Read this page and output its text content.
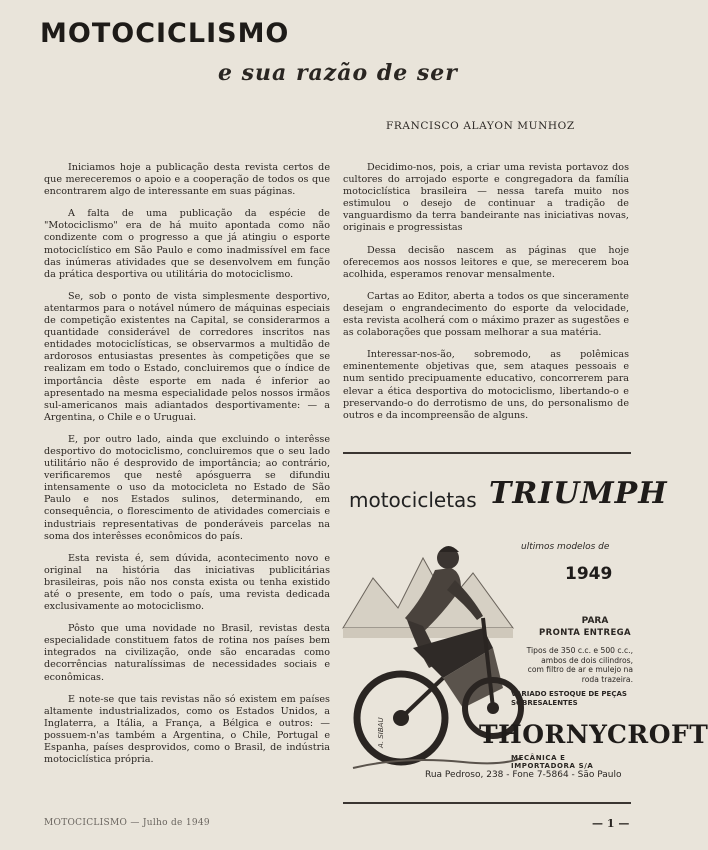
MOTOCICLISMO
e sua razão de ser
FRANCISCO ALAYON MUNHOZ

Iniciamos hoje a publicação desta revista certos de que mereceremos o apoio e a cooperação de todos os que encontrarem algo de interessante em suas páginas.

A falta de uma publicação da espécie de "Motociclismo" era de há muito apontada como não condizente com o progresso a que já atingiu o esporte motociclístico em São Paulo e como inadmissível em face das inúmeras atividades que se desenvolvem em função da prática desportiva ou utilitária do motociclismo.

Se, sob o ponto de vista simplesmente desportivo, atentarmos para o notável número de máquinas especiais de competição existentes na Capital, se considerarmos a quantidade considerável de corredores inscritos nas entidades motociclísticas, se observarmos a multidão de ardorosos entusiastas presentes às competições que se realizam em todo o Estado, concluiremos que o índice de importância dêste esporte em nada é inferior ao apresentado na mesma especialidade pelos nossos irmãos sul-americanos mais adiantados desportivamente: — a Argentina, o Chile e o Uruguai.

E, por outro lado, ainda que excluindo o interêsse desportivo do motociclismo, concluiremos que o seu lado utilitário não é desprovido de importância; ao contrário, verificaremos que nestê apósguerra se difundiu intensamente o uso da motocicleta no Estado de São Paulo e nos Estados sulinos, determinando, em consequência, o florescimento de atividades comerciais e industriais representativas de ponderáveis parcelas na soma dos interêsses econômicos do país.

Esta revista é, sem dúvida, acontecimento novo e original na história das iniciativas publicitárias brasileiras, pois não nos consta exista ou tenha existido até o presente, em todo o país, uma revista dedicada exclusivamente ao motociclismo.

Pôsto que uma novidade no Brasil, revistas desta especialidade constituem fatos de rotina nos países bem integrados na civilização, onde são encaradas como decorrências naturalíssimas de necessidades sociais e econômicas.

E note-se que tais revistas não só existem em países altamente industrializados, como os Estados Unidos, a Inglaterra, a Itália, a França, a Bélgica e outros: — possuem-n'as também a Argentina, o Chile, Portugal e Espanha, países desprovidos, como o Brasil, de indústria motociclística própria.

Decidimo-nos, pois, a criar uma revista portavoz dos cultores do arrojado esporte e congregadora da família motociclística brasileira — nessa tarefa muito nos estimulou o desejo de continuar a tradição de vanguardismo da terra bandeirante nas iniciativas novas, originais e progressistas

Dessa decisão nascem as páginas que hoje oferecemos aos nossos leitores e que, se merecerem boa acolhida, esperamos renovar mensalmente.

Cartas ao Editor, aberta a todos os que sinceramente desejam o engrandecimento do esporte da velocidade, esta revista acolherá com o máximo prazer as sugestões e as colaborações que possam melhorar a sua matéria.

Interessar-nos-ão, sobremodo, as polêmicas eminentemente objetivas que, sem ataques pessoais e num sentido precipuamente educativo, concorrerem para elevar a ética desportiva do motociclismo, libertando-o e preservando-o do derrotismo de uns, do personalismo de outros e da incompreensão de alguns.

motocicletas TRIUMPH
ultimos modelos de
1949
PARA
PRONTA ENTREGA
Tipos de 350 c.c. e 500 c.c., ambos de dois cilindros, com filtro de ar e mulejo na roda trazeira.
VARIADO ESTOQUE DE PEÇAS SOBRESALENTES
THORNYCROFT
MECÂNICA E IMPORTADORA S/A
Rua Pedroso, 238 - Fone 7-5864 - São Paulo
A. SIBAU
MOTOCICLISMO — Julho de 1949	— 1 —
